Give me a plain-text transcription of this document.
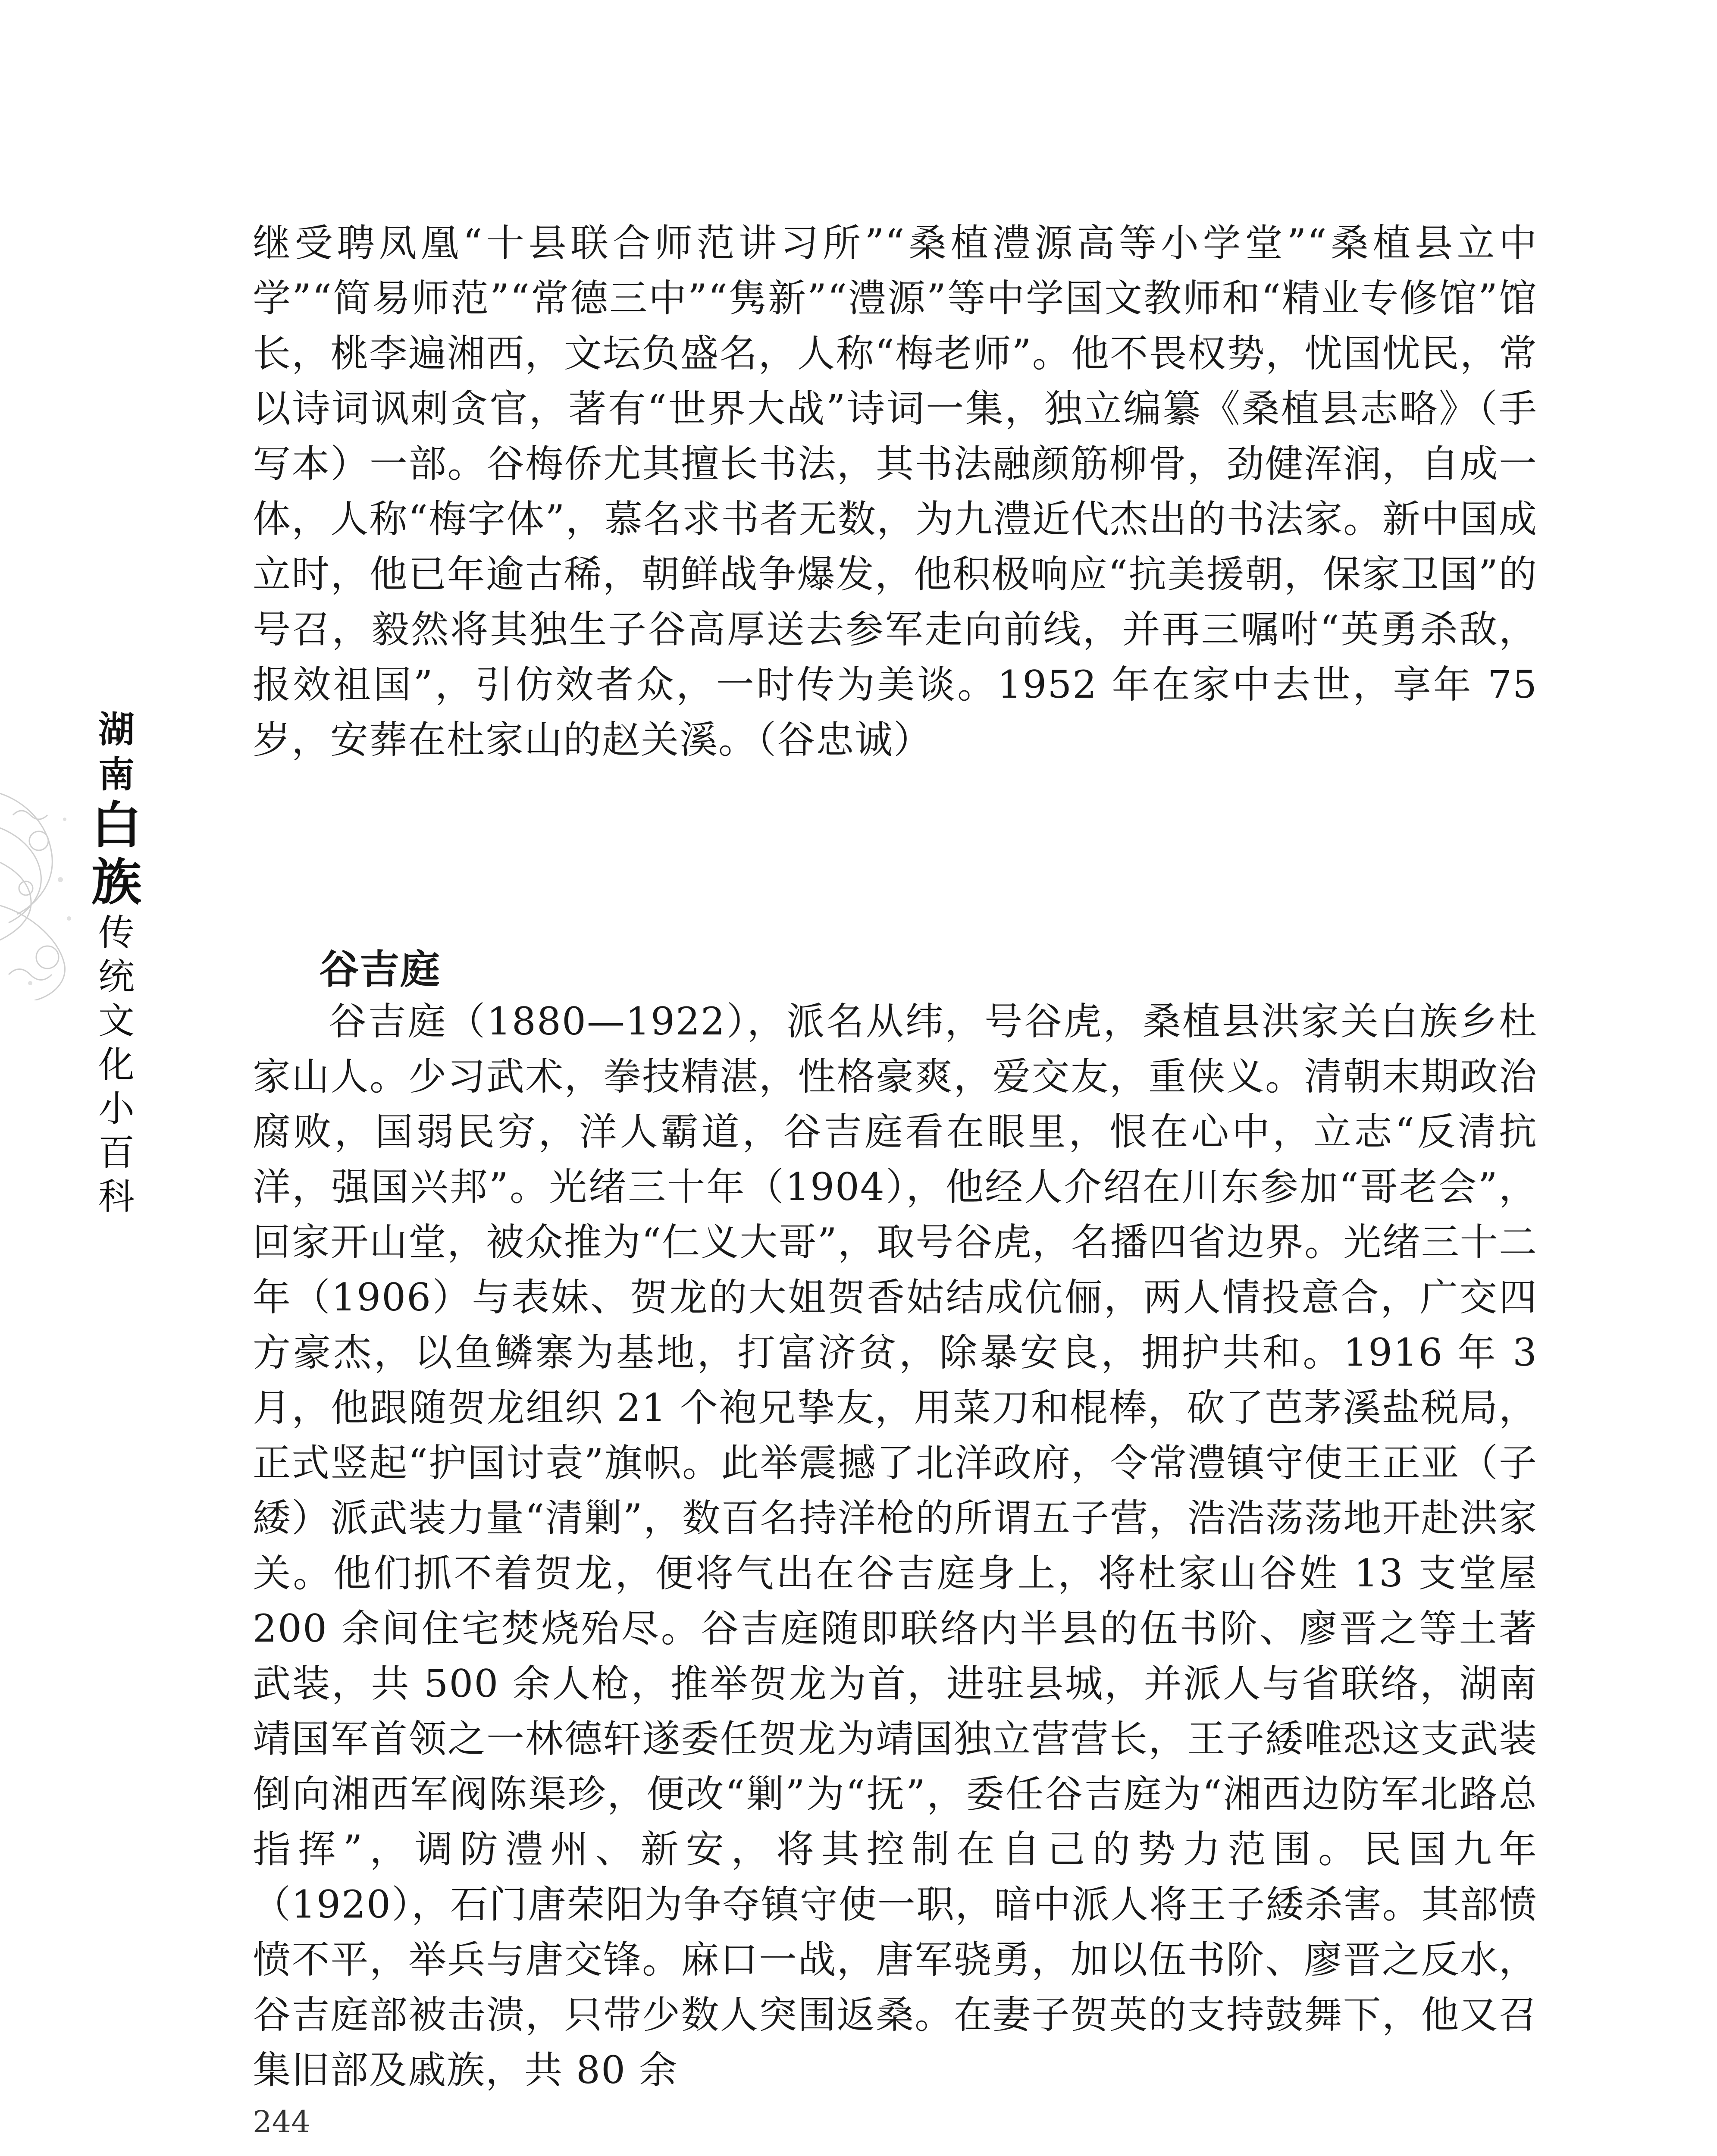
湖
南
白
族
传
统
文
化
小
百
科

继受聘凤凰“十县联合师范讲习所”“桑植澧源高等小学堂”“桑植县立中学”“简易师范”“常德三中”“隽新”“澧源”等中学国文教师和“精业专修馆”馆长，桃李遍湘西，文坛负盛名，人称“梅老师”。他不畏权势，忧国忧民，常以诗词讽刺贪官，著有“世界大战”诗词一集，独立编纂《桑植县志略》（手写本）一部。谷梅侨尤其擅长书法，其书法融颜筋柳骨，劲健浑润，自成一体，人称“梅字体”，慕名求书者无数，为九澧近代杰出的书法家。新中国成立时，他已年逾古稀，朝鲜战争爆发，他积极响应“抗美援朝，保家卫国”的号召，毅然将其独生子谷高厚送去参军走向前线，并再三嘱咐“英勇杀敌，报效祖国”，引仿效者众，一时传为美谈。1952 年在家中去世，享年 75 岁，安葬在杜家山的赵关溪。（谷忠诚）

谷吉庭

谷吉庭（1880—1922），派名从纬，号谷虎，桑植县洪家关白族乡杜家山人。少习武术，拳技精湛，性格豪爽，爱交友，重侠义。清朝末期政治腐败，国弱民穷，洋人霸道，谷吉庭看在眼里，恨在心中，立志“反清抗洋，强国兴邦”。光绪三十年（1904），他经人介绍在川东参加“哥老会”，回家开山堂，被众推为“仁义大哥”，取号谷虎，名播四省边界。光绪三十二年（1906）与表妹、贺龙的大姐贺香姑结成伉俪，两人情投意合，广交四方豪杰，以鱼鳞寨为基地，打富济贫，除暴安良，拥护共和。1916 年 3 月，他跟随贺龙组织 21 个袍兄挚友，用菜刀和棍棒，砍了芭茅溪盐税局，正式竖起“护国讨袁”旗帜。此举震撼了北洋政府，令常澧镇守使王正亚（子緌）派武装力量“清剿”，数百名持洋枪的所谓五子营，浩浩荡荡地开赴洪家关。他们抓不着贺龙，便将气出在谷吉庭身上，将杜家山谷姓 13 支堂屋 200 余间住宅焚烧殆尽。谷吉庭随即联络内半县的伍书阶、廖晋之等土著武装，共 500 余人枪，推举贺龙为首，进驻县城，并派人与省联络，湖南靖国军首领之一林德轩遂委任贺龙为靖国独立营营长，王子緌唯恐这支武装倒向湘西军阀陈渠珍，便改“剿”为“抚”，委任谷吉庭为“湘西边防军北路总指挥”，调防澧州、新安，将其控制在自己的势力范围。民国九年（1920），石门唐荣阳为争夺镇守使一职，暗中派人将王子緌杀害。其部愤愤不平，举兵与唐交锋。麻口一战，唐军骁勇，加以伍书阶、廖晋之反水，谷吉庭部被击溃，只带少数人突围返桑。在妻子贺英的支持鼓舞下，他又召集旧部及戚族，共 80 余

244
